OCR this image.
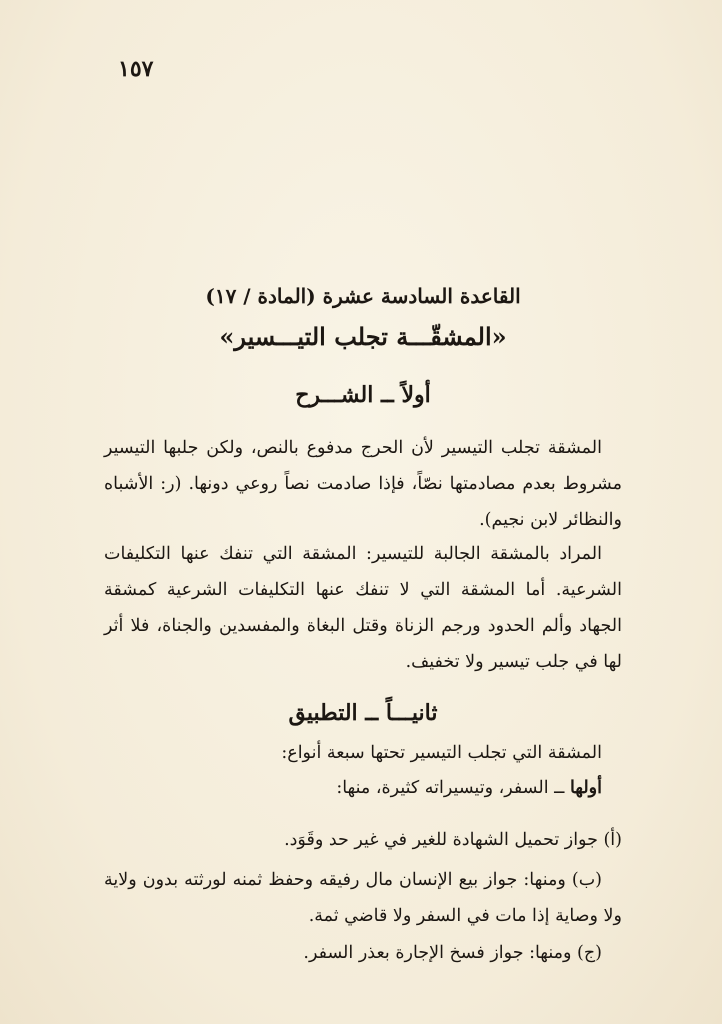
١٥٧
القاعدة السادسة عشرة (المادة / ١٧)
«المشقّـــة تجلب التيـــسير»
أولاً ــ الشـــرح
المشقة تجلب التيسير لأن الحرج مدفوع بالنص، ولكن جلبها التيسير مشروط بعدم مصادمتها نصّاً، فإذا صادمت نصاً روعي دونها. (ر: الأشباه والنظائر لابن نجيم).
المراد بالمشقة الجالبة للتيسير: المشقة التي تنفك عنها التكليفات الشرعية. أما المشقة التي لا تنفك عنها التكليفات الشرعية كمشقة الجهاد وألم الحدود ورجم الزناة وقتل البغاة والمفسدين والجناة، فلا أثر لها في جلب تيسير ولا تخفيف.
ثانيـــاً ــ التطبيق
المشقة التي تجلب التيسير تحتها سبعة أنواع:
أولها ــ السفر، وتيسيراته كثيرة، منها:
(أ) جواز تحميل الشهادة للغير في غير حد وقَوَد.
(ب) ومنها: جواز بيع الإنسان مال رفيقه وحفظ ثمنه لورثته بدون ولاية ولا وصاية إذا مات في السفر ولا قاضي ثمة.
(ج) ومنها: جواز فسخ الإجارة بعذر السفر.
